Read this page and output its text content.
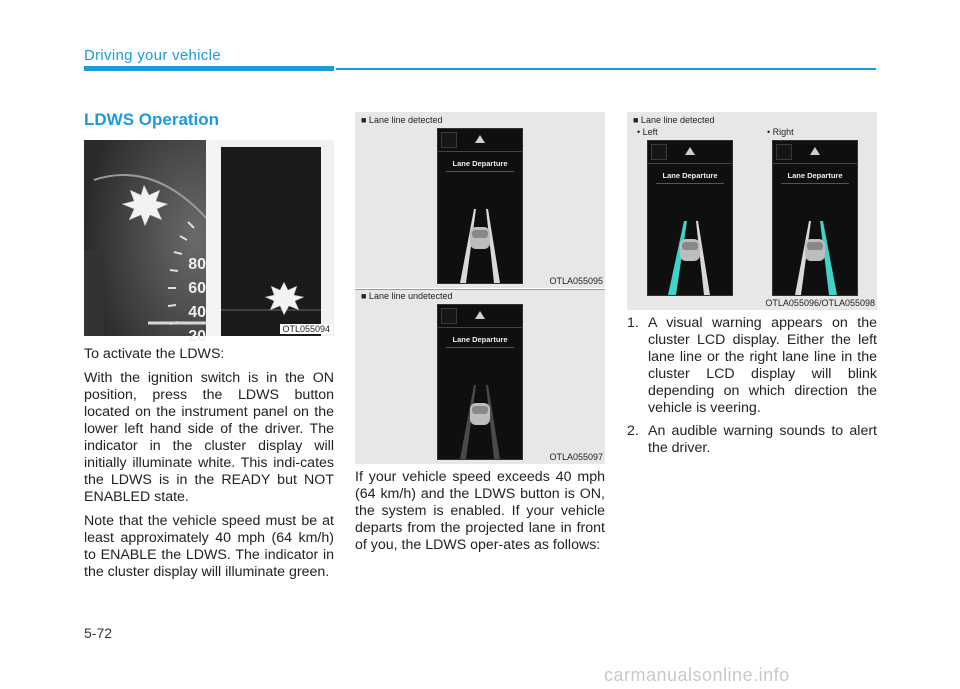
Driving your vehicle
LDWS Operation
80
60
40
20	OTL055094

To activate the LDWS:

With the ignition switch is in the ON position, press the LDWS button located on the instrument panel on the lower left hand side of the driver. The indicator in the cluster display will initially illuminate white. This indi-cates the LDWS is in the READY but NOT ENABLED state.

Note that the vehicle speed must be at least approximately 40 mph (64 km/h) to ENABLE the LDWS. The indicator in the cluster display will illuminate green.

■ Lane line detected
Lane Departure
OTLA055095
■ Lane line undetected
Lane Departure
OTLA055097

If your vehicle speed exceeds 40 mph (64 km/h) and the LDWS button is ON, the system is enabled. If your vehicle departs from the projected lane in front of you, the LDWS oper-ates as follows:

■ Lane line detected
• Left	• Right
Lane Departure	Lane Departure
OTLA055096/OTLA055098
1. A visual warning appears on the cluster LCD display. Either the left lane line or the right lane line in the cluster LCD display will blink depending on which direction the vehicle is veering.
2. An audible warning sounds to alert the driver.
5-72
carmanualsonline.info
